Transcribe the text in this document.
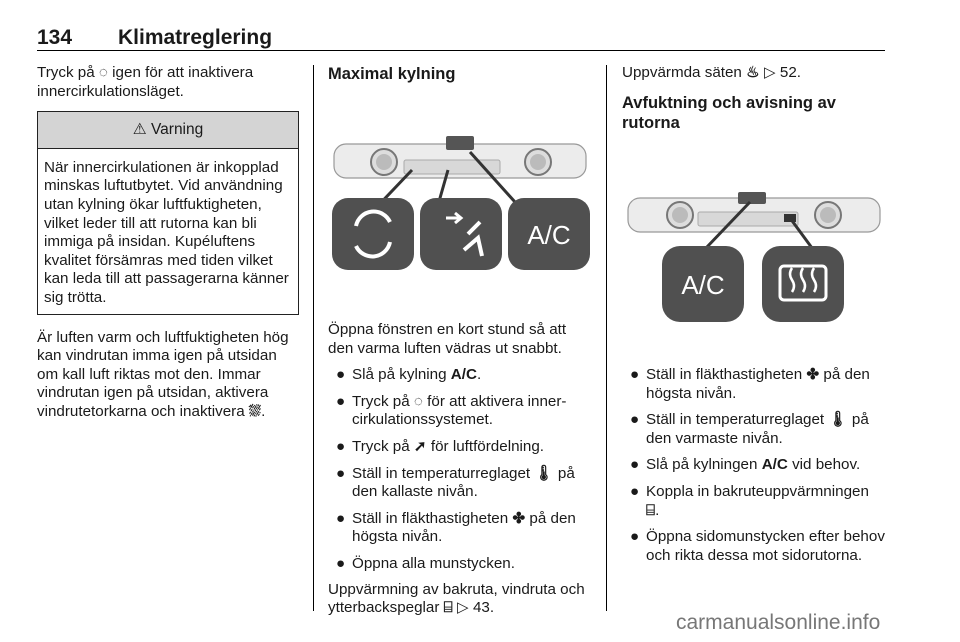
134 Klimatreglering

Tryck på ◌ igen för att inaktivera innercirkulationsläget.

⚠ Varning
När innercirkulationen är inkopplad minskas luftutbytet. Vid användning utan kylning ökar luftfuktigheten, vilket leder till att rutorna kan bli immiga på insidan. Kupéluftens kvalitet försämras med tiden vilket kan leda till att passagerarna känner sig trötta.

Är luften varm och luftfuktigheten hög kan vindrutan imma igen på utsidan om kall luft riktas mot den. Immar vindrutan igen på utsidan, aktivera vindrutetorkarna och inaktivera ⛆.

Maximal kylning
A/C

Öppna fönstren en kort stund så att den varma luften vädras ut snabbt.

● Slå på kylning A/C.
● Tryck på ◌ för att aktivera innercirkulationssystemet.
● Tryck på ➚ för luftfördelning.
● Ställ in temperaturreglaget 🌡 på den kallaste nivån.
● Ställ in fläkthastigheten ✤ på den högsta nivån.
● Öppna alla munstycken.

Uppvärmning av bakruta, vindruta och ytterbackspeglar ⌸ ▷ 43.

Uppvärmda säten ♨ ▷ 52.

Avfuktning och avisning av rutorna
A/C
● Ställ in fläkthastigheten ✤ på den högsta nivån.
● Ställ in temperaturreglaget 🌡 på den varmaste nivån.
● Slå på kylningen A/C vid behov.
● Koppla in bakruteuppvärmningen ⌸.
● Öppna sidomunstycken efter behov och rikta dessa mot sidorutorna.
carmanualsonline.info
